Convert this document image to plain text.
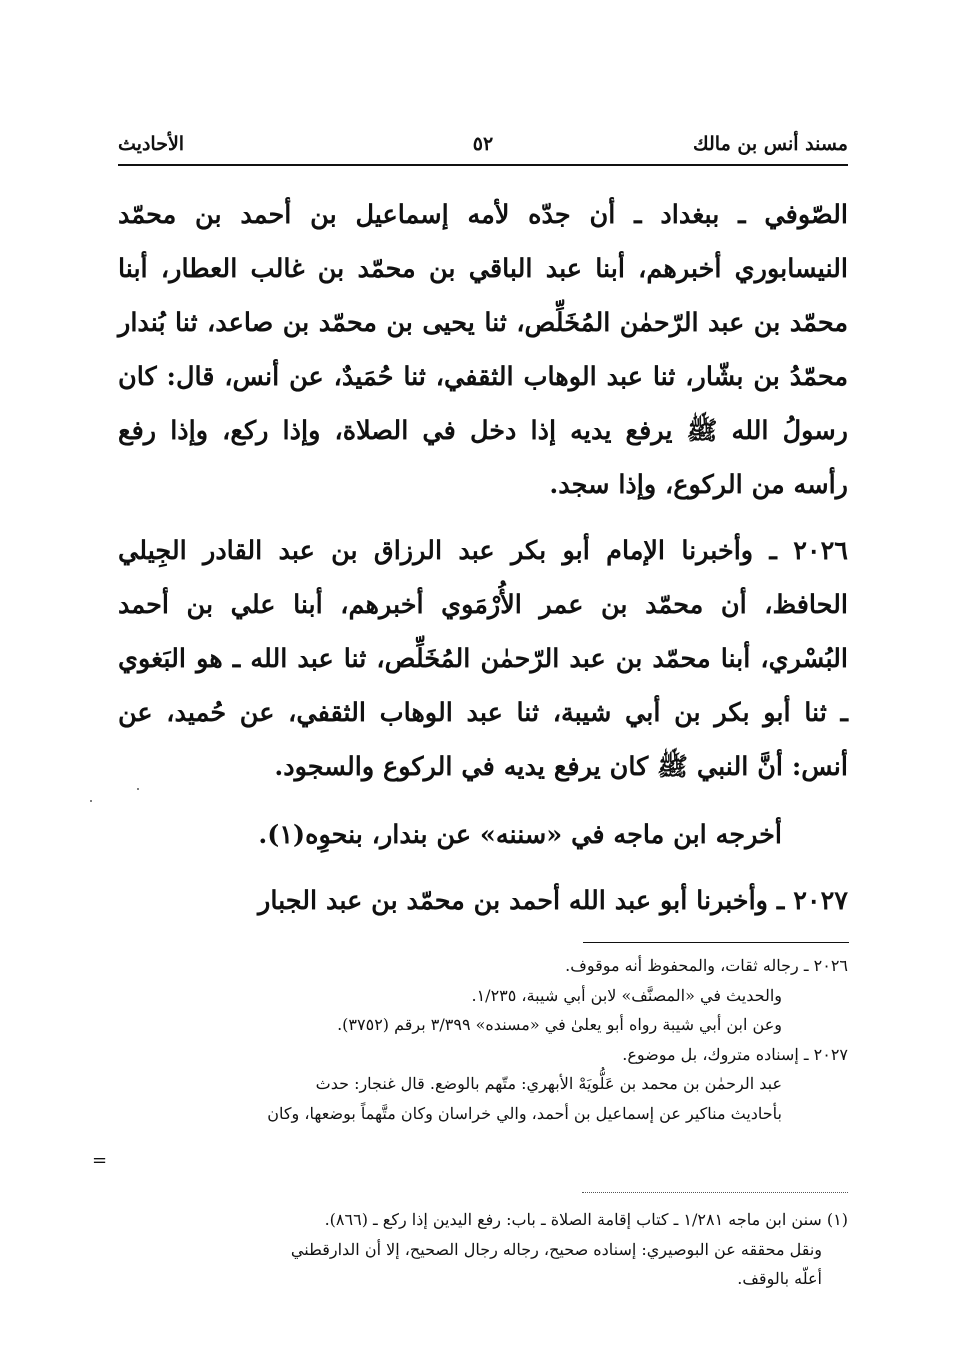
مسند أنس بن مالك
٥٢
الأحاديث

الصّوفي ـ ببغداد ـ أن جدّه لأمه إسماعيل بن أحمد بن محمّد النيسابوري أخبرهم، أبنا عبد الباقي بن محمّد بن غالب العطار، أبنا محمّد بن عبد الرّحمٰن المُخَلِّص، ثنا يحيى بن محمّد بن صاعد، ثنا بُندار محمّدُ بن بشّار، ثنا عبد الوهاب الثقفي، ثنا حُمَيدٌ، عن أنس، قال: كان رسولُ الله ﷺ يرفع يديه إذا دخل في الصلاة، وإذا ركع، وإذا رفع رأسه من الركوع، وإذا سجد.

٢٠٢٦ ـ وأخبرنا الإمام أبو بكر عبد الرزاق بن عبد القادر الجِيلي الحافظ، أن محمّد بن عمر الأُرْمَوي أخبرهم، أبنا علي بن أحمد البُسْري، أبنا محمّد بن عبد الرّحمٰن المُخَلِّص، ثنا عبد الله ـ هو البَغوي ـ ثنا أبو بكر بن أبي شيبة، ثنا عبد الوهاب الثقفي، عن حُميد، عن أنس: أنَّ النبي ﷺ كان يرفع يديه في الركوع والسجود.

أخرجه ابن ماجه في «سننه» عن بندار، بنحوِه(١).

٢٠٢٧ ـ وأخبرنا أبو عبد الله أحمد بن محمّد بن عبد الجبار

٢٠٢٦ ـ رجاله ثقات، والمحفوظ أنه موقوف.
والحديث في «المصنَّف» لابن أبي شيبة، ١/٢٣٥.
وعن ابن أبي شيبة رواه أبو يعلىٰ في «مسنده» ٣/٣٩٩ برقم (٣٧٥٢).
٢٠٢٧ ـ إسناده متروك، بل موضوع.
عبد الرحمٰن بن محمد بن عَلُّويَهْ الأبهري: متّهم بالوضع. قال غنجار: حدث
بأحاديث مناكير عن إسماعيل بن أحمد، والي خراسان وكان متَّهماً بوضعها، وكان
=
(١) سنن ابن ماجه ١/٢٨١ ـ كتاب إقامة الصلاة ـ باب: رفع اليدين إذا ركع ـ (٨٦٦).
ونقل محققه عن البوصيري: إسناده صحيح، رجاله رجال الصحيح، إلا أن الدارقطني
أعلّه بالوقف.
